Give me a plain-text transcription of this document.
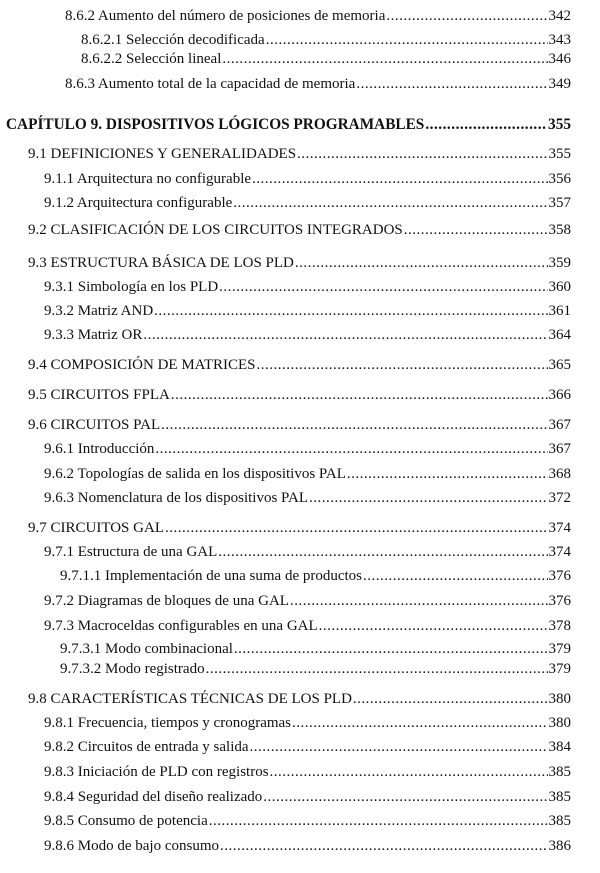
8.6.2 Aumento del número de posiciones de memoria .....	342
8.6.2.1 Selección decodificada .....	343
8.6.2.2 Selección lineal .....	346
8.6.3 Aumento total de la capacidad de memoria .....	349
CAPÍTULO 9. DISPOSITIVOS LÓGICOS PROGRAMABLES .....	355
9.1 DEFINICIONES Y GENERALIDADES .....	355
9.1.1 Arquitectura no configurable .....	356
9.1.2 Arquitectura configurable .....	357
9.2 CLASIFICACIÓN DE LOS CIRCUITOS INTEGRADOS .....	358
9.3 ESTRUCTURA BÁSICA DE LOS PLD .....	359
9.3.1 Simbología en los PLD .....	360
9.3.2 Matriz AND .....	361
9.3.3 Matriz OR .....	364
9.4 COMPOSICIÓN DE MATRICES .....	365
9.5 CIRCUITOS FPLA .....	366
9.6 CIRCUITOS PAL .....	367
9.6.1 Introducción .....	367
9.6.2 Topologías de salida en los dispositivos PAL .....	368
9.6.3 Nomenclatura de los dispositivos PAL .....	372
9.7 CIRCUITOS GAL .....	374
9.7.1 Estructura de una GAL .....	374
9.7.1.1 Implementación de una suma de productos .....	376
9.7.2 Diagramas de bloques de una GAL .....	376
9.7.3 Macroceldas configurables en una GAL .....	378
9.7.3.1 Modo combinacional .....	379
9.7.3.2 Modo registrado .....	379
9.8 CARACTERÍSTICAS TÉCNICAS DE LOS PLD .....	380
9.8.1 Frecuencia, tiempos y cronogramas .....	380
9.8.2 Circuitos de entrada y salida .....	384
9.8.3 Iniciación de PLD con registros .....	385
9.8.4 Seguridad del diseño realizado .....	385
9.8.5 Consumo de potencia .....	385
9.8.6 Modo de bajo consumo .....	386
